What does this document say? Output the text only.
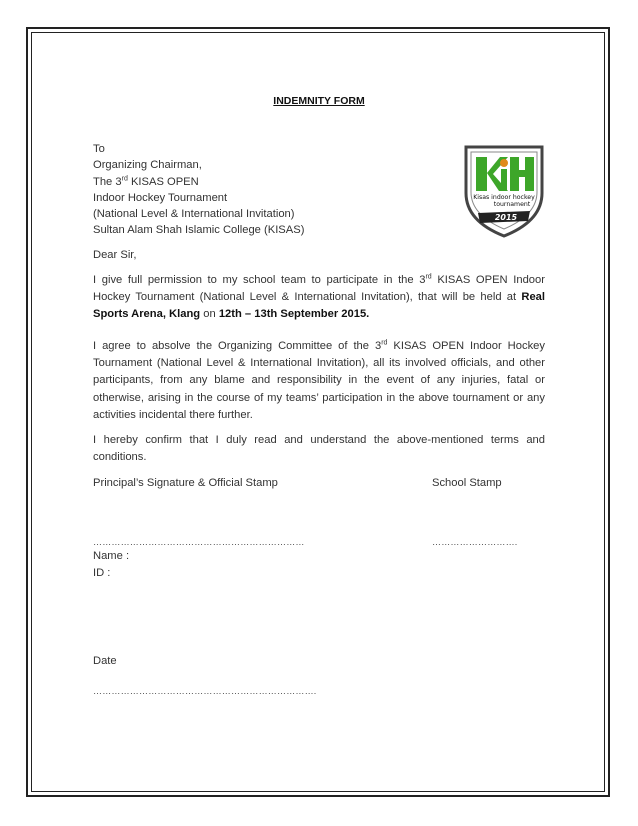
INDEMNITY FORM
To
Organizing Chairman,
The 3rd KISAS OPEN
Indoor Hockey Tournament
(National Level & International Invitation)
Sultan Alam Shah Islamic College (KISAS)
Kisas indoor hockey
tournament
2015
Dear Sir,

I give full permission to my school team to participate in the 3rd KISAS OPEN Indoor Hockey Tournament (National Level & International Invitation), that will be held at Real Sports Arena, Klang on 12th – 13th September 2015.

I agree to absolve the Organizing Committee of the 3rd KISAS OPEN Indoor Hockey Tournament (National Level & International Invitation), all its involved officials, and other participants, from any blame and responsibility in the event of any injuries, fatal or otherwise, arising in the course of my teams’ participation in the above tournament or any activities incidental there further.

I hereby confirm that I duly read and understand the above-mentioned terms and conditions.

Principal’s Signature & Official Stamp	School Stamp
……………………………………………………………	……………………….
Name :
ID :
Date
……………………………………………………………….
